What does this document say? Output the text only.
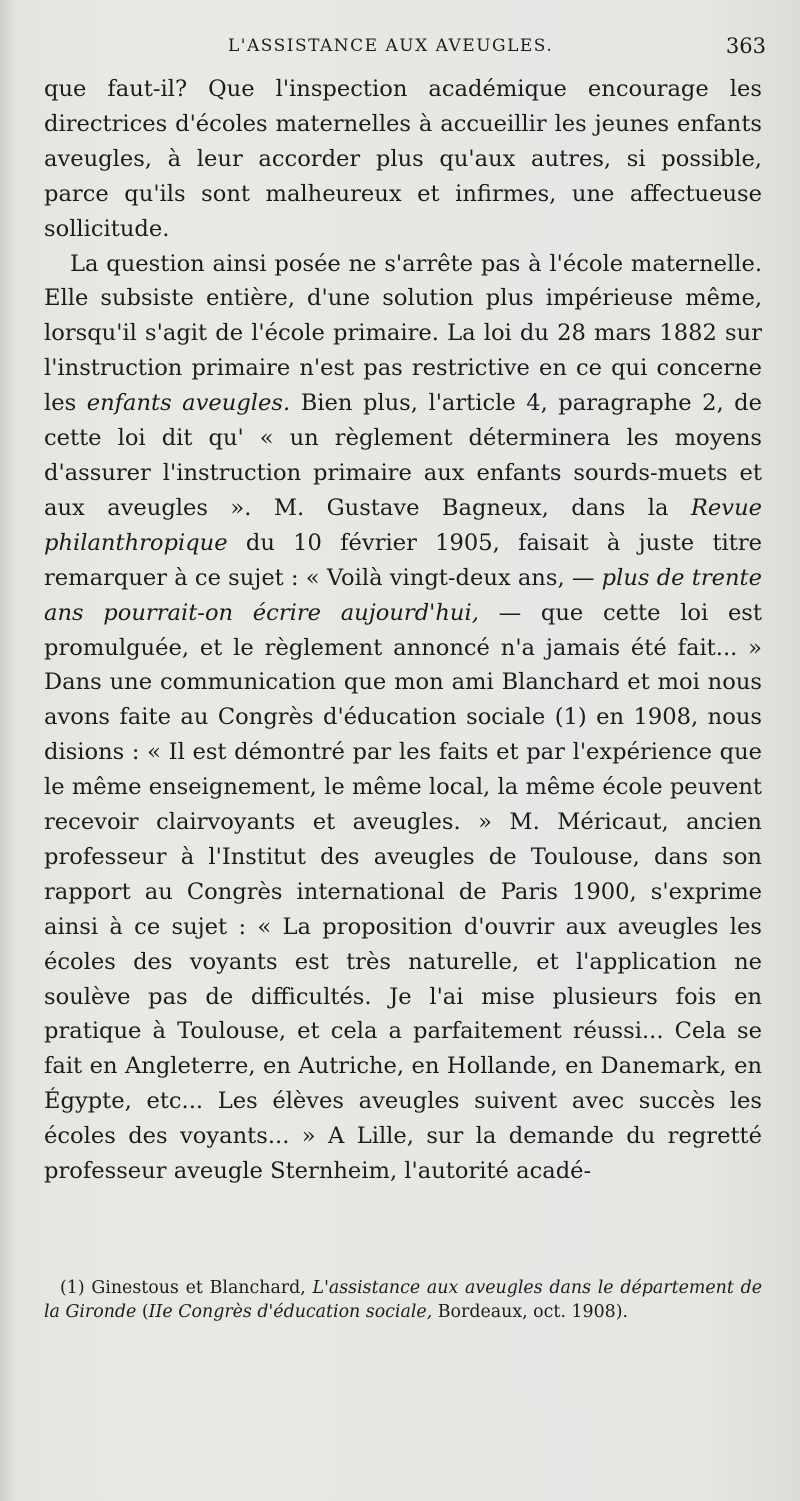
L'ASSISTANCE AUX AVEUGLES.	363

que faut-il? Que l'inspection académique encourage les directrices d'écoles maternelles à accueillir les jeunes enfants aveugles, à leur accorder plus qu'aux autres, si possible, parce qu'ils sont malheureux et infirmes, une affectueuse sollicitude.

La question ainsi posée ne s'arrête pas à l'école maternelle. Elle subsiste entière, d'une solution plus impérieuse même, lorsqu'il s'agit de l'école primaire. La loi du 28 mars 1882 sur l'instruction primaire n'est pas restrictive en ce qui concerne les enfants aveugles. Bien plus, l'article 4, paragraphe 2, de cette loi dit qu' « un règlement déterminera les moyens d'assurer l'instruction primaire aux enfants sourds-muets et aux aveugles ». M. Gustave Bagneux, dans la Revue philanthropique du 10 février 1905, faisait à juste titre remarquer à ce sujet : « Voilà vingt-deux ans, — plus de trente ans pourrait-on écrire aujourd'hui, — que cette loi est promulguée, et le règlement annoncé n'a jamais été fait... » Dans une communication que mon ami Blanchard et moi nous avons faite au Congrès d'éducation sociale (1) en 1908, nous disions : « Il est démontré par les faits et par l'expérience que le même enseignement, le même local, la même école peuvent recevoir clairvoyants et aveugles. » M. Méricaut, ancien professeur à l'Institut des aveugles de Toulouse, dans son rapport au Congrès international de Paris 1900, s'exprime ainsi à ce sujet : « La proposition d'ouvrir aux aveugles les écoles des voyants est très naturelle, et l'application ne soulève pas de difficultés. Je l'ai mise plusieurs fois en pratique à Toulouse, et cela a parfaitement réussi... Cela se fait en Angleterre, en Autriche, en Hollande, en Danemark, en Égypte, etc... Les élèves aveugles suivent avec succès les écoles des voyants... » A Lille, sur la demande du regretté professeur aveugle Sternheim, l'autorité acadé-

(1) Ginestous et Blanchard, L'assistance aux aveugles dans le département de la Gironde (IIe Congrès d'éducation sociale, Bordeaux, oct. 1908).
